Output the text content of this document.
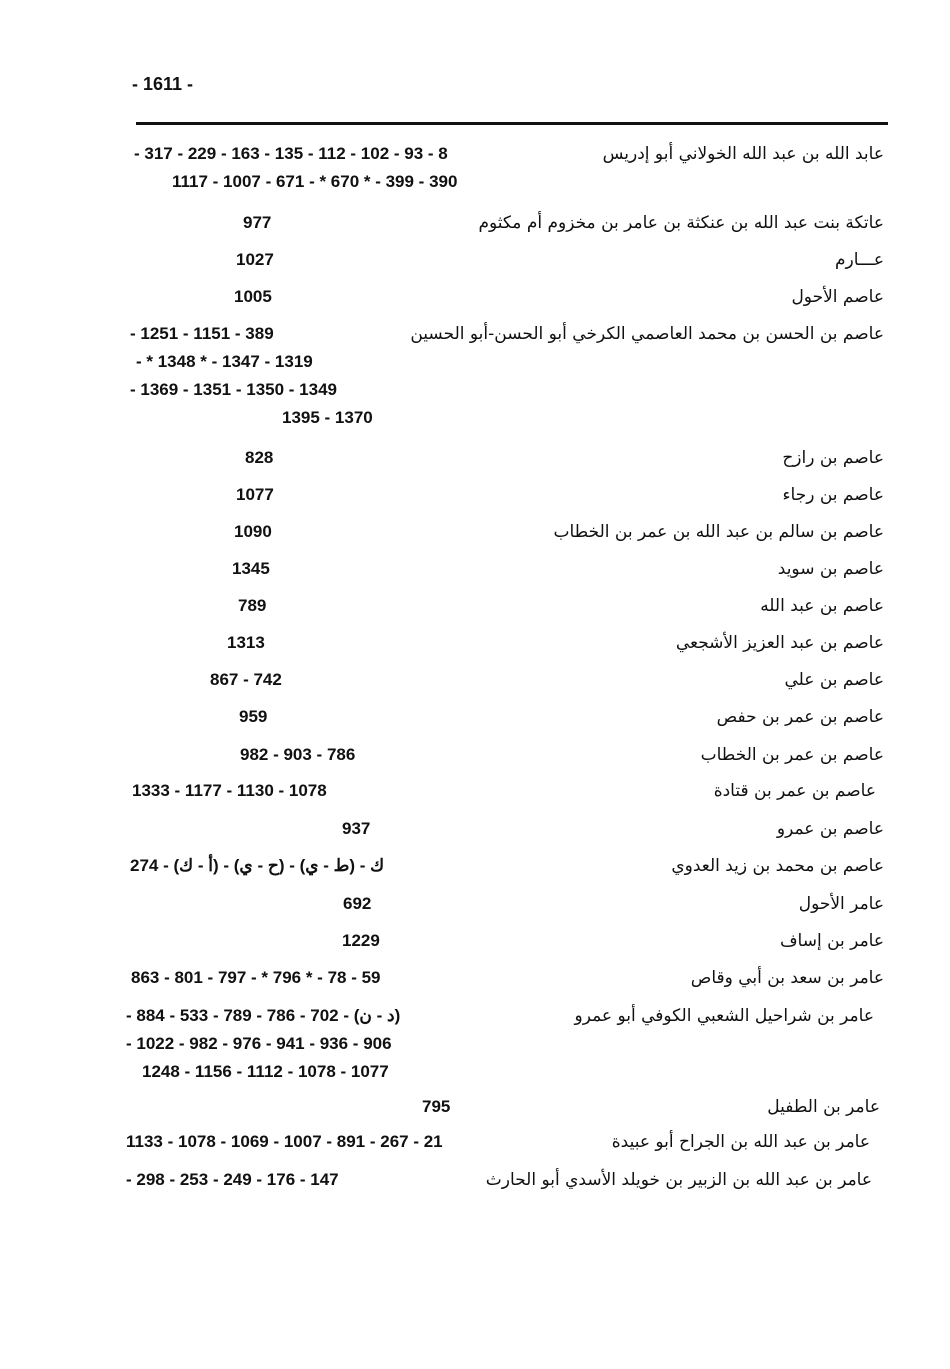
- 1611 -
عابد الله بن عبد الله الخولاني أبو إدريس
- 317 - 229 - 163 - 135 - 112 - 102 - 93 - 8
1117 - 1007 - 671 - * 670 * - 399 - 390
عاتكة بنت عبد الله بن عنكثة بن عامر بن مخزوم أم مكثوم
977
عـــارم
1027
عاصم الأحول
1005
عاصم بن الحسن بن محمد العاصمي الكرخي أبو الحسن-أبو الحسين
- 1251 - 1151 - 389
- * 1348 * - 1347 - 1319
- 1369 - 1351 - 1350 - 1349
1395 - 1370
عاصم بن رازح
828
عاصم بن رجاء
1077
عاصم بن سالم بن عبد الله بن عمر بن الخطاب
1090
عاصم بن سويد
1345
عاصم بن عبد الله
789
عاصم بن عبد العزيز الأشجعي
1313
عاصم بن علي
867 - 742
عاصم بن عمر بن حفص
959
عاصم بن عمر بن الخطاب
982 - 903 - 786
عاصم بن عمر بن قتادة
1333 - 1177 - 1130 - 1078
عاصم بن عمرو
937
عاصم بن محمد بن زيد العدوي
274 - (أ - ك) - ك - (ط - ي) - (ح - ي)
عامر الأحول
692
عامر بن إساف
1229
عامر بن سعد بن أبي وقاص
863 - 801 - 797 - * 796 * - 78 - 59
عامر بن شراحيل الشعبي الكوفي أبو عمرو
- 884 - 533 - 789 - 786 - 702 - (د - ن)
- 1022 - 982 - 976 - 941 - 936 - 906
1248 - 1156 - 1112 - 1078 - 1077
عامر بن الطفيل
795
عامر بن عبد الله بن الجراح أبو عبيدة
1133 - 1078 - 1069 - 1007 - 891 - 267 - 21
عامر بن عبد الله بن الزبير بن خويلد الأسدي أبو الحارث
- 298 - 253 - 249 - 176 - 147
